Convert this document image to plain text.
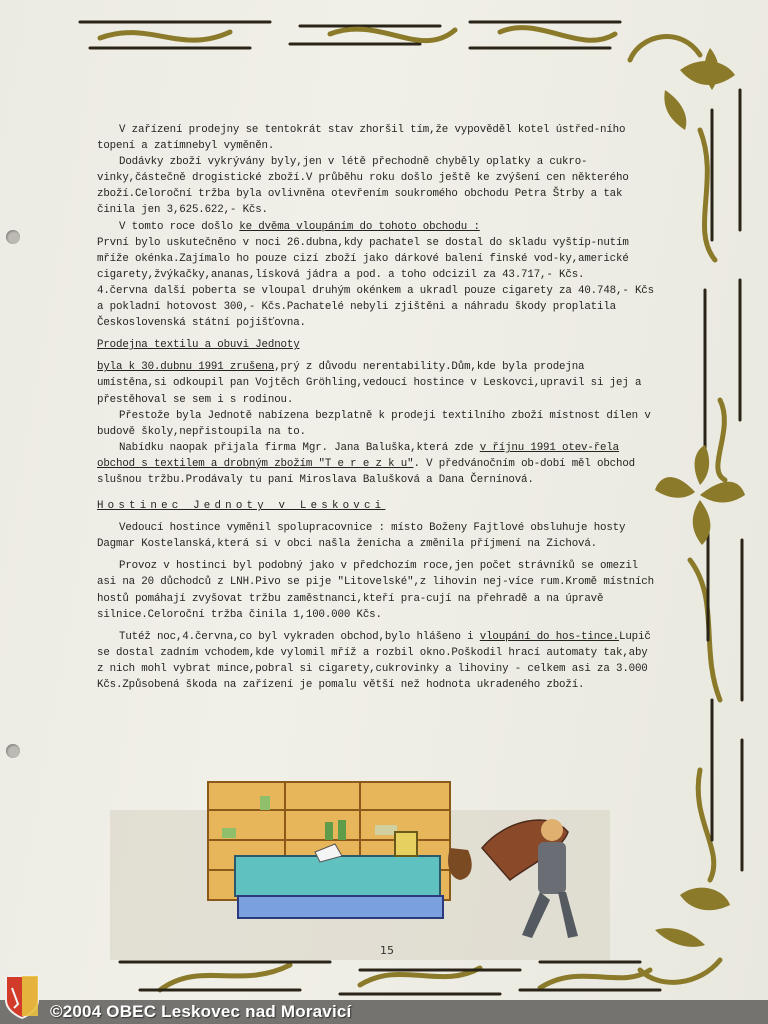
V zařízení prodejny se tentokrát stav zhoršil tím,že vypověděl kotel ústřed-ního topení a zatímnebyl vyměněn.

Dodávky zboží vykrývány byly,jen v létě přechodně chyběly oplatky a cukro-vinky,částečně drogistické zboží.V průběhu roku došlo ještě ke zvýšení cen některého zboží.Celoroční tržba byla ovlivněna otevřením soukromého obchodu Petra Štrby a tak činila jen 3,625.622,- Kčs.

V tomto roce došlo ke dvěma vloupáním do tohoto obchodu :

První bylo uskutečněno v noci 26.dubna,kdy pachatel se dostal do skladu vyštíp-nutím mříže okénka.Zajímalo ho pouze cizí zboží jako dárkové balení finské vod-ky,americké cigarety,žvýkačky,ananas,lísková jádra a pod. a toho odcizil za 43.717,- Kčs.

4.června další poberta se vloupal druhým okénkem a ukradl pouze cigarety za 40.748,- Kčs a pokladní hotovost 300,- Kčs.Pachatelé nebyli zjištěni a náhradu škody proplatila Československá státní pojišťovna.

Prodejna textilu a obuvi Jednoty

byla k 30.dubnu 1991 zrušena,prý z důvodu nerentability.Dům,kde byla prodejna umístěna,si odkoupil pan Vojtěch Gröhling,vedoucí hostince v Leskovci,upravil si jej a přestěhoval se sem i s rodinou.

Přestože byla Jednotě nabízena bezplatně k prodeji textilního zboží místnost dílen v budově školy,nepřistoupila na to.

Nabídku naopak přijala firma Mgr. Jana Baluška,která zde v říjnu 1991 otev-řela obchod s textilem a drobným zbožím "T e r e z k u". V předvánočním ob-dobí měl obchod slušnou tržbu.Prodávaly tu paní Miroslava Balušková a Dana Černínová.

Hostinec Jednoty v Leskovci

Vedoucí hostince vyměnil spolupracovnice : místo Boženy Fajtlové obsluhuje hosty Dagmar Kostelanská,která si v obci našla ženicha a změnila příjmení na Zichová.

Provoz v hostinci byl podobný jako v předchozím roce,jen počet strávníků se omezil asi na 20 důchodců z LNH.Pivo se pije "Litovelské",z lihovin nej-více rum.Kromě místních hostů pomáhají zvyšovat tržbu zaměstnanci,kteří pra-cují na přehradě a na úpravě silnice.Celoroční tržba činila 1,100.000 Kčs.

Tutéž noc,4.června,co byl vykraden obchod,bylo hlášeno i vloupání do hos-tince.Lupič se dostal zadním vchodem,kde vylomil mříž a rozbil okno.Poškodil hrací automaty tak,aby z nich mohl vybrat mince,pobral si cigarety,cukrovinky a lihoviny - celkem asi za 3.000 Kčs.Způsobená škoda na zařízení je pomalu větší než hodnota ukradeného zboží.

15
©2004 OBEC Leskovec nad Moravicí
